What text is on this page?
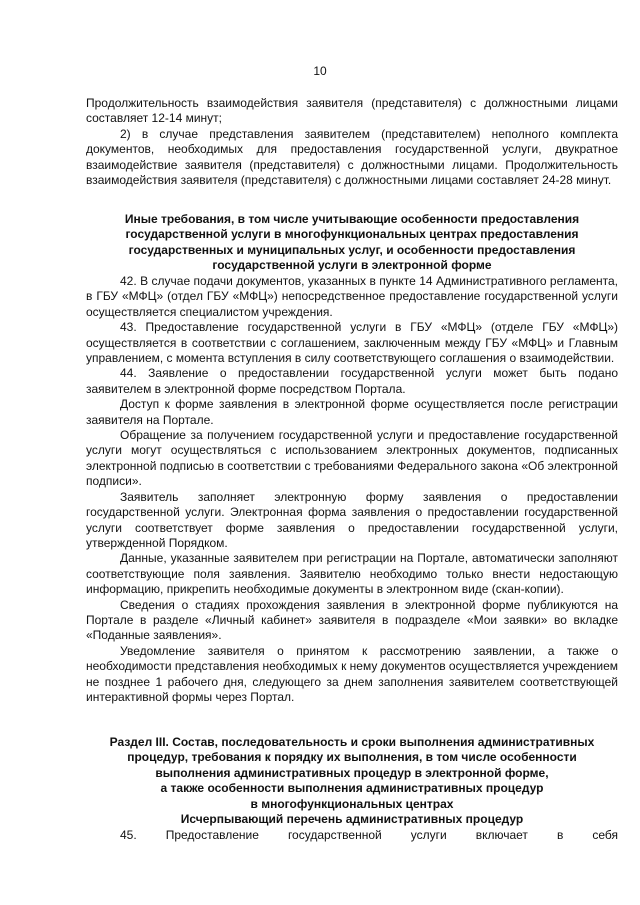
10

Продолжительность взаимодействия заявителя (представителя) с должностными лицами составляет 12-14 минут;

2) в случае представления заявителем (представителем) неполного комплекта документов, необходимых для предоставления государственной услуги, двукратное взаимодействие заявителя (представителя) с должностными лицами. Продолжительность взаимодействия заявителя (представителя) с должностными лицами составляет 24-28 минут.

Иные требования, в том числе учитывающие особенности предоставления
государственной услуги в многофункциональных центрах предоставления
государственных и муниципальных услуг, и особенности предоставления
государственной услуги в электронной форме

42. В случае подачи документов, указанных в пункте 14 Административного регламента, в ГБУ «МФЦ» (отдел ГБУ «МФЦ») непосредственное предоставление государственной услуги осуществляется специалистом учреждения.

43. Предоставление государственной услуги в ГБУ «МФЦ» (отделе ГБУ «МФЦ») осуществляется в соответствии с соглашением, заключенным между ГБУ «МФЦ» и Главным управлением, с момента вступления в силу соответствующего соглашения о взаимодействии.

44. Заявление о предоставлении государственной услуги может быть подано заявителем в электронной форме посредством Портала.

Доступ к форме заявления в электронной форме осуществляется после регистрации заявителя на Портале.

Обращение за получением государственной услуги и предоставление государственной услуги могут осуществляться с использованием электронных документов, подписанных электронной подписью в соответствии с требованиями Федерального закона «Об электронной подписи».

Заявитель заполняет электронную форму заявления о предоставлении государственной услуги. Электронная форма заявления о предоставлении государственной услуги соответствует форме заявления о предоставлении государственной услуги, утвержденной Порядком.

Данные, указанные заявителем при регистрации на Портале, автоматически заполняют соответствующие поля заявления. Заявителю необходимо только внести недостающую информацию, прикрепить необходимые документы в электронном виде (скан-копии).

Сведения о стадиях прохождения заявления в электронной форме публикуются на Портале в разделе «Личный кабинет» заявителя в подразделе «Мои заявки» во вкладке «Поданные заявления».

Уведомление заявителя о принятом к рассмотрению заявлении, а также о необходимости представления необходимых к нему документов осуществляется учреждением не позднее 1 рабочего дня, следующего за днем заполнения заявителем соответствующей интерактивной формы через Портал.

Раздел III. Состав, последовательность и сроки выполнения административных
процедур, требования к порядку их выполнения, в том числе особенности
выполнения административных процедур в электронной форме,
а также особенности выполнения административных процедур
в многофункциональных центрах
Исчерпывающий перечень административных процедур

45. Предоставление государственной услуги включает в себя
